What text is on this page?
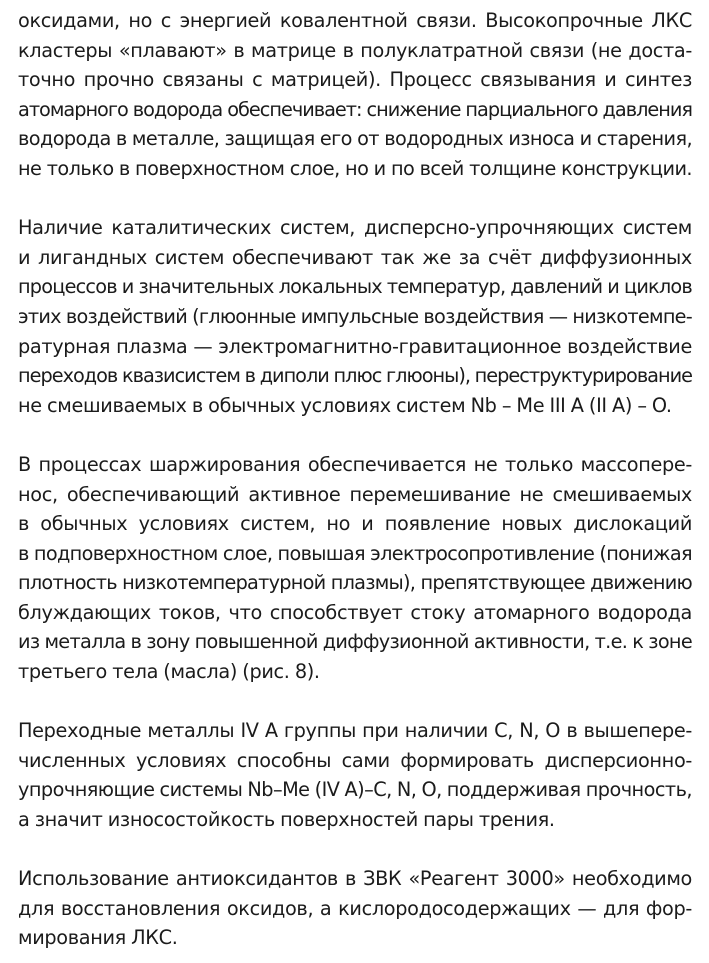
оксидами, но с энергией ковалентной связи. Высокопрочные ЛКС
кластеры «плавают» в матрице в полуклатратной связи (не доста-
точно прочно связаны с матрицей). Процесс связывания и синтез
атомарного водорода обеспечивает: снижение парциального давления
водорода в металле, защищая его от водородных износа и старения,
не только в поверхностном слое, но и по всей толщине конструкции.

Наличие каталитических систем, дисперсно-упрочняющих систем
и лигандных систем обеспечивают так же за счёт диффузионных
процессов и значительных локальных температур, давлений и циклов
этих воздействий (глюонные импульсные воздействия — низкотемпе-
ратурная плазма — электромагнитно-гравитационное воздействие
переходов квазисистем в диполи плюс глюоны), переструктурирование
не смешиваемых в обычных условиях систем Nb – Me III A (II A) – O.

В процессах шаржирования обеспечивается не только массопере-
нос, обеспечивающий активное перемешивание не смешиваемых
в обычных условиях систем, но и появление новых дислокаций
в подповерхностном слое, повышая электросопротивление (понижая
плотность низкотемпературной плазмы), препятствующее движению
блуждающих токов, что способствует стоку атомарного водорода
из металла в зону повышенной диффузионной активности, т.е. к зоне
третьего тела (масла) (рис. 8).

Переходные металлы IV A группы при наличии C, N, O в вышепере-
численных условиях способны сами формировать дисперсионно-
упрочняющие системы Nb–Me (IV A)–C, N, O, поддерживая прочность,
а значит износостойкость поверхностей пары трения.

Использование антиоксидантов в ЗВК «Реагент 3000» необходимо
для восстановления оксидов, а кислородосодержащих — для фор-
мирования ЛКС.
